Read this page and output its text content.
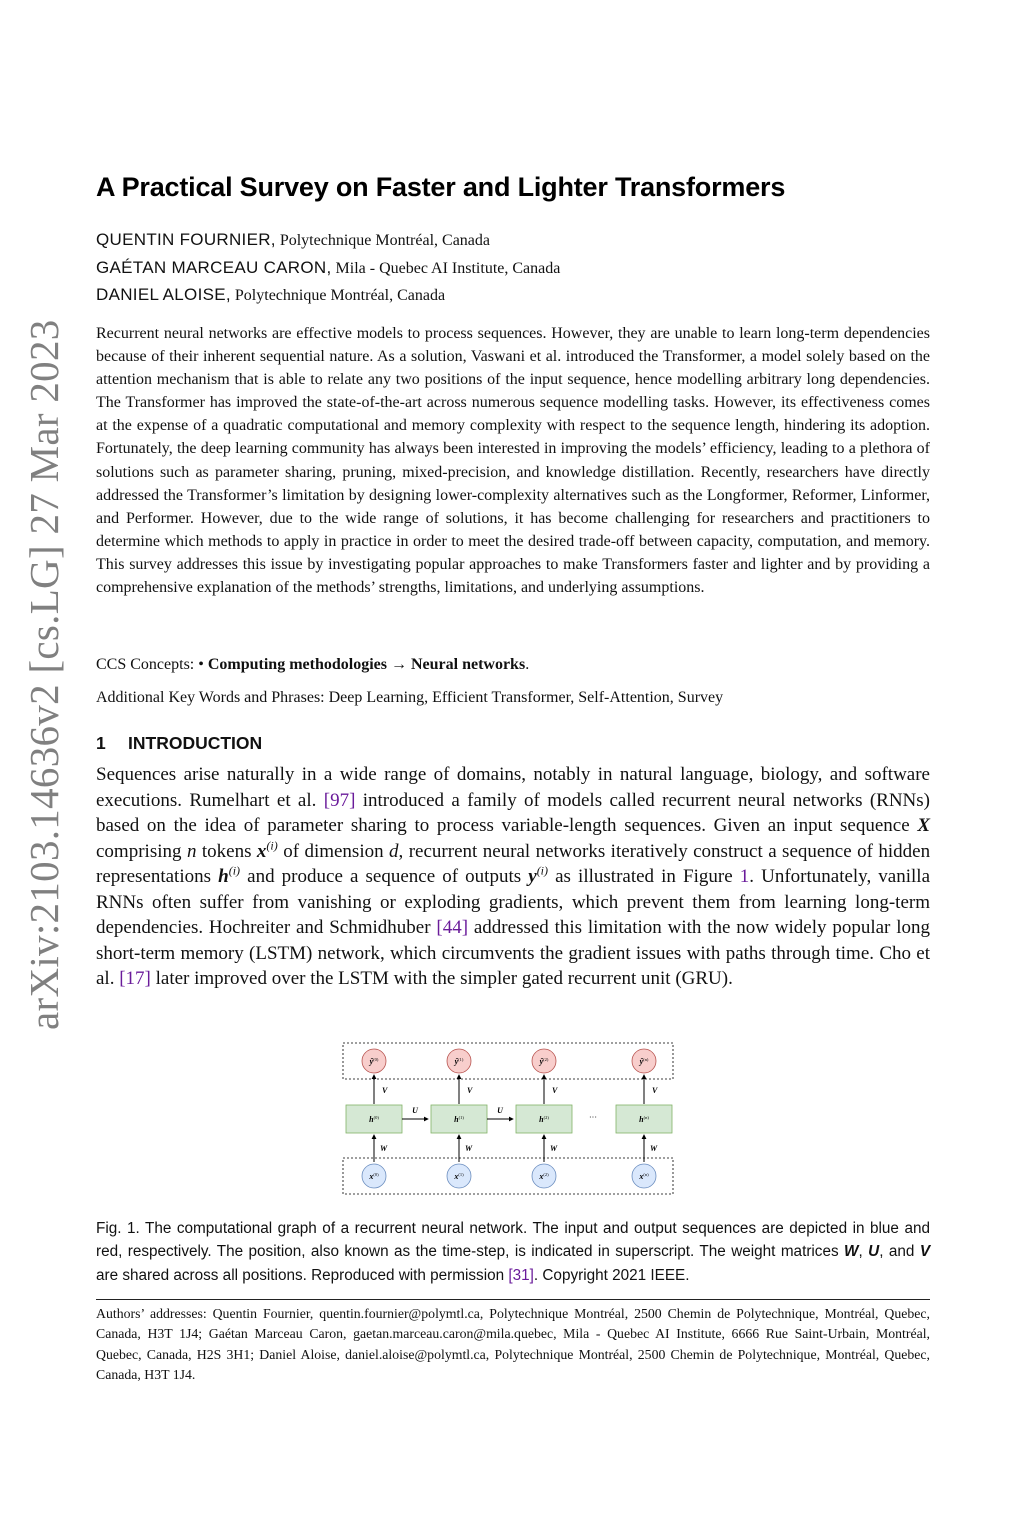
arXiv:2103.14636v2 [cs.LG] 27 Mar 2023
A Practical Survey on Faster and Lighter Transformers
QUENTIN FOURNIER, Polytechnique Montréal, Canada
GAÉTAN MARCEAU CARON, Mila - Quebec AI Institute, Canada
DANIEL ALOISE, Polytechnique Montréal, Canada

Recurrent neural networks are effective models to process sequences. However, they are unable to learn long-term dependencies because of their inherent sequential nature. As a solution, Vaswani et al. introduced the Transformer, a model solely based on the attention mechanism that is able to relate any two positions of the input sequence, hence modelling arbitrary long dependencies. The Transformer has improved the state-of-the-art across numerous sequence modelling tasks. However, its effectiveness comes at the expense of a quadratic computational and memory complexity with respect to the sequence length, hindering its adoption. Fortunately, the deep learning community has always been interested in improving the models’ efficiency, leading to a plethora of solutions such as parameter sharing, pruning, mixed-precision, and knowledge distillation. Recently, researchers have directly addressed the Transformer’s limitation by designing lower-complexity alternatives such as the Longformer, Reformer, Linformer, and Performer. However, due to the wide range of solutions, it has become challenging for researchers and practitioners to determine which methods to apply in practice in order to meet the desired trade-off between capacity, computation, and memory. This survey addresses this issue by investigating popular approaches to make Transformers faster and lighter and by providing a comprehensive explanation of the methods’ strengths, limitations, and underlying assumptions.

CCS Concepts: • Computing methodologies → Neural networks.

Additional Key Words and Phrases: Deep Learning, Efficient Transformer, Self-Attention, Survey

1 INTRODUCTION

Sequences arise naturally in a wide range of domains, notably in natural language, biology, and software executions. Rumelhart et al. [97] introduced a family of models called recurrent neural networks (RNNs) based on the idea of parameter sharing to process variable-length sequences. Given an input sequence X comprising n tokens $x^{(i)}$ of dimension d, recurrent neural networks iteratively construct a sequence of hidden representations $h^{(i)}$ and produce a sequence of outputs $y^{(i)}$ as illustrated in Figure 1. Unfortunately, vanilla RNNs often suffer from vanishing or exploding gradients, which prevent them from learning long-term dependencies. Hochreiter and Schmidhuber [44] addressed this limitation with the now widely popular long short-term memory (LSTM) network, which circumvents the gradient issues with paths through time. Cho et al. [17] later improved over the LSTM with the simpler gated recurrent unit (GRU).

$ŷ^{(0)}$
V
$h^{(0)}$
W
$x^{(0)}$
$ŷ^{(1)}$
V
$h^{(1)}$
W
$x^{(1)}$
$ŷ^{(2)}$
V
$h^{(2)}$
W
$x^{(2)}$
$ŷ^{(n)}$
V
$h^{(n)}$
W
$x^{(n)}$
U	U
···

Fig. 1. The computational graph of a recurrent neural network. The input and output sequences are depicted in blue and red, respectively. The position, also known as the time-step, is indicated in superscript. The weight matrices W, U, and V are shared across all positions. Reproduced with permission [31]. Copyright 2021 IEEE.

Authors’ addresses: Quentin Fournier, quentin.fournier@polymtl.ca, Polytechnique Montréal, 2500 Chemin de Polytechnique, Montréal, Quebec, Canada, H3T 1J4; Gaétan Marceau Caron, gaetan.marceau.caron@mila.quebec, Mila - Quebec AI Institute, 6666 Rue Saint-Urbain, Montréal, Quebec, Canada, H2S 3H1; Daniel Aloise, daniel.aloise@polymtl.ca, Polytechnique Montréal, 2500 Chemin de Polytechnique, Montréal, Quebec, Canada, H3T 1J4.
